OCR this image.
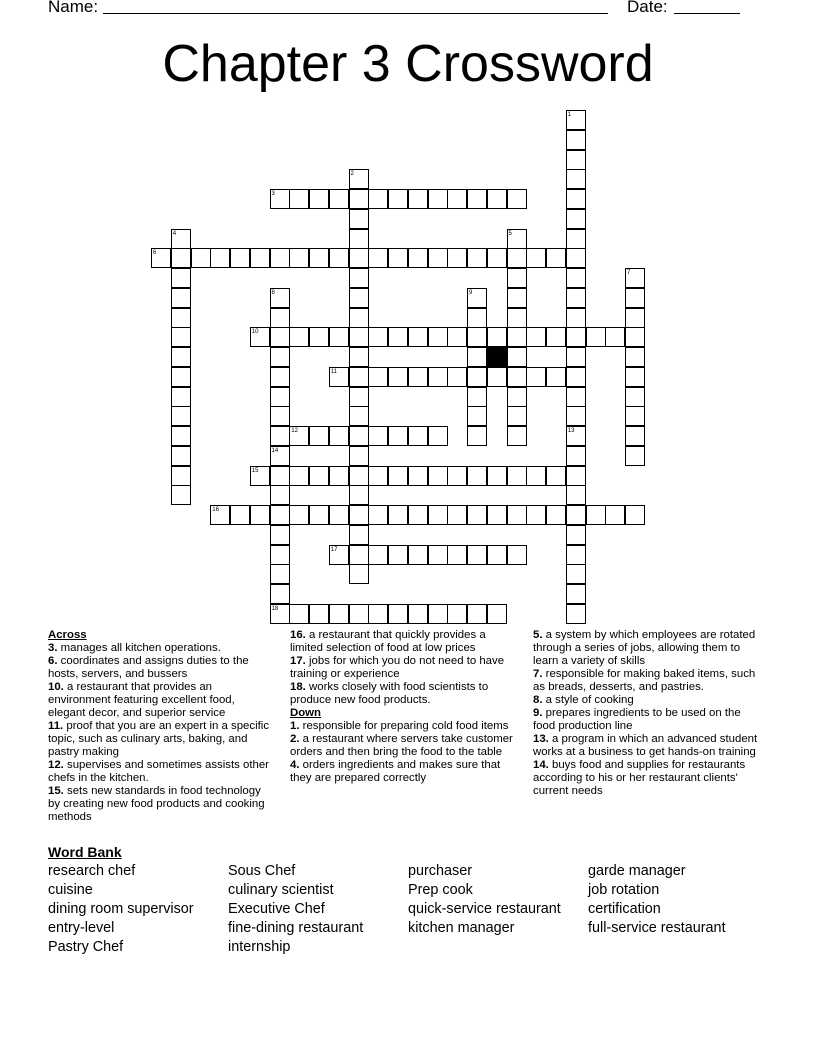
Name:	Date:
Chapter 3 Crossword
1
13
2
3
4	5
6
7
8
14
9
10
11
12
15
16
17
18
Across
3. manages all kitchen operations.
6. coordinates and assigns duties to the hosts, servers, and bussers
10. a restaurant that provides an environment featuring excellent food, elegant decor, and superior service
11. proof that you are an expert in a specific topic, such as culinary arts, baking, and pastry making
12. supervises and sometimes assists other chefs in the kitchen.
15. sets new standards in food technology by creating new food products and cooking methods
16. a restaurant that quickly provides a limited selection of food at low prices
17. jobs for which you do not need to have training or experience
18. works closely with food scientists to produce new food products.
Down
1. responsible for preparing cold food items
2. a restaurant where servers take customer orders and then bring the food to the table
4. orders ingredients and makes sure that they are prepared correctly
5. a system by which employees are rotated through a series of jobs, allowing them to learn a variety of skills
7. responsible for making baked items, such as breads, desserts, and pastries.
8. a style of cooking
9. prepares ingredients to be used on the food production line
13. a program in which an advanced student works at a business to get hands-on training
14. buys food and supplies for restaurants according to his or her restaurant clients' current needs
Word Bank
research chef
cuisine
dining room supervisor
entry-level
Pastry Chef
Sous Chef
culinary scientist
Executive Chef
fine-dining restaurant
internship
purchaser
Prep cook
quick-service restaurant
kitchen manager
garde manager
job rotation
certification
full-service restaurant
